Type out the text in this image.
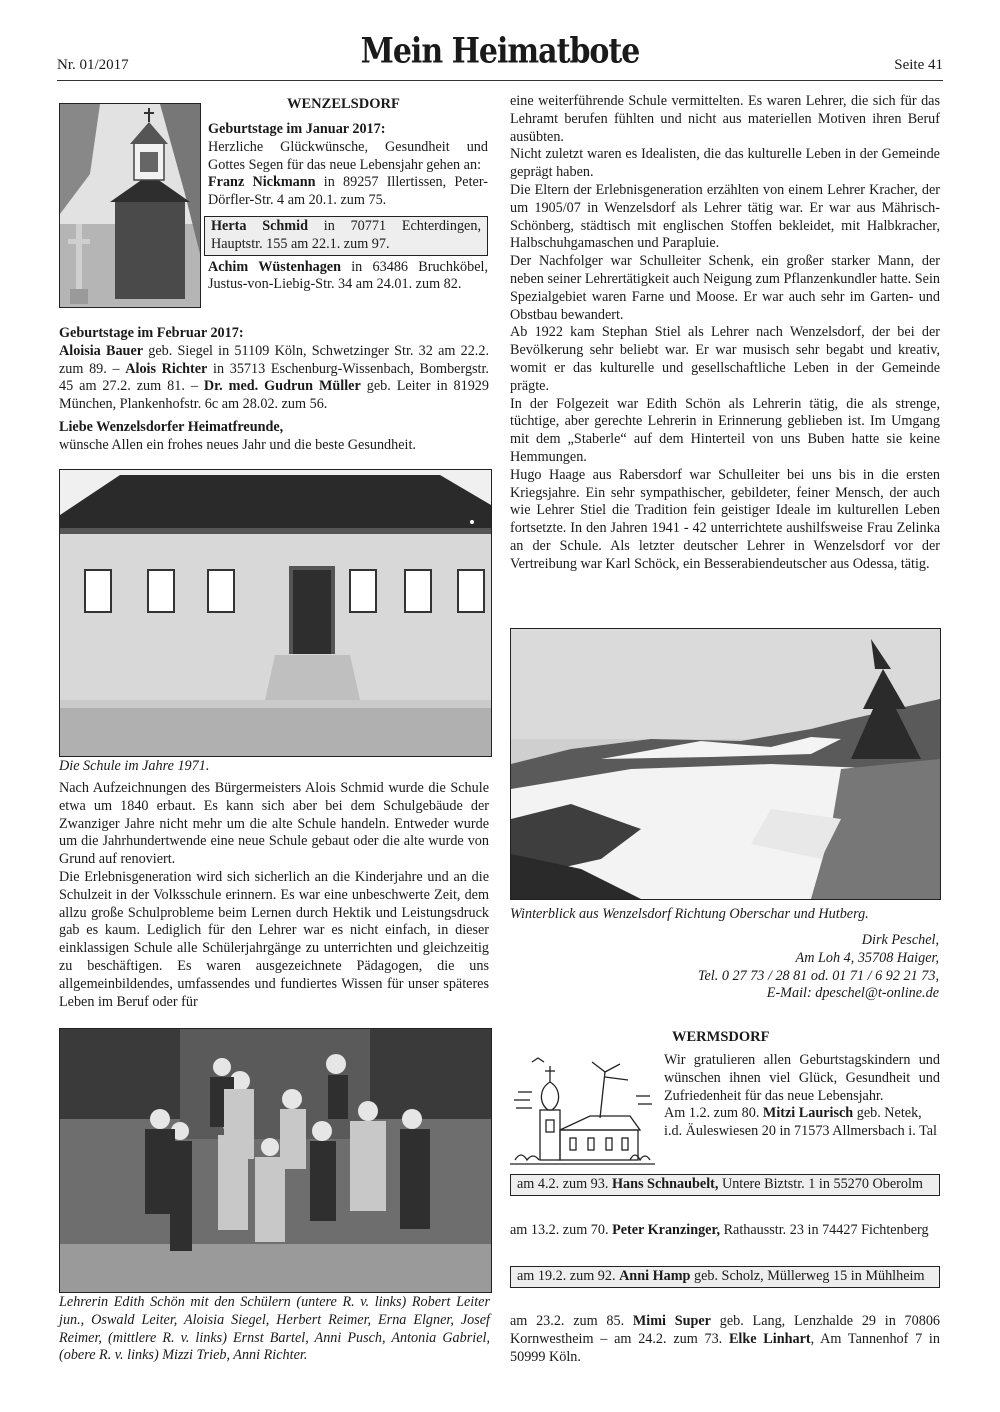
Nr. 01/2017	Mein Heimatbote	Seite 41
WENZELSDORF

Geburtstage im Januar 2017:

Herzliche Glückwünsche, Gesundheit und Gottes Segen für das neue Lebensjahr gehen an:

Franz Nickmann in 89257 Illertissen, Peter-Dörfler-Str. 4 am 20.1. zum 75.

Herta Schmid in 70771 Echterdingen, Hauptstr. 155 am 22.1. zum 97.

Achim Wüstenhagen in 63486 Bruchköbel, Justus-von-Liebig-Str. 34 am 24.01. zum 82.

Geburtstage im Februar 2017:

Aloisia Bauer geb. Siegel in 51109 Köln, Schwetzinger Str. 32 am 22.2. zum 89. – Alois Richter in 35713 Eschenburg-Wissenbach, Bombergstr. 45 am 27.2. zum 81. – Dr. med. Gudrun Müller geb. Leiter in 81929 München, Plankenhofstr. 6c am 28.02. zum 56.

Liebe Wenzelsdorfer Heimatfreunde,

wünsche Allen ein frohes neues Jahr und die beste Gesundheit.

Die Schule im Jahre 1971.

Nach Aufzeichnungen des Bürgermeisters Alois Schmid wurde die Schule etwa um 1840 erbaut. Es kann sich aber bei dem Schulgebäude der Zwanziger Jahre nicht mehr um die alte Schule handeln. Entweder wurde um die Jahrhundertwende eine neue Schule gebaut oder die alte wurde von Grund auf renoviert.

Die Erlebnisgeneration wird sich sicherlich an die Kinderjahre und an die Schulzeit in der Volksschule erinnern. Es war eine unbeschwerte Zeit, dem allzu große Schulprobleme beim Lernen durch Hektik und Leistungsdruck gab es kaum. Lediglich für den Lehrer war es nicht einfach, in dieser einklassigen Schule alle Schülerjahrgänge zu unterrichten und gleichzeitig zu beschäftigen. Es waren ausgezeichnete Pädagogen, die uns allgemeinbildendes, umfassendes und fundiertes Wissen für unser späteres Leben im Beruf oder für

Lehrerin Edith Schön mit den Schülern (untere R. v. links) Robert Leiter jun., Oswald Leiter, Aloisia Siegel, Herbert Reimer, Erna Elgner, Josef Reimer, (mittlere R. v. links) Ernst Bartel, Anni Pusch, Antonia Gabriel, (obere R. v. links) Mizzi Trieb, Anni Richter.

eine weiterführende Schule vermittelten. Es waren Lehrer, die sich für das Lehramt berufen fühlten und nicht aus materiellen Motiven ihren Beruf ausübten.

Nicht zuletzt waren es Idealisten, die das kulturelle Leben in der Gemeinde geprägt haben.

Die Eltern der Erlebnisgeneration erzählten von einem Lehrer Kracher, der um 1905/07 in Wenzelsdorf als Lehrer tätig war. Er war aus Mährisch-Schönberg, städtisch mit englischen Stoffen bekleidet, mit Halbkracher, Halbschuhgamaschen und Parapluie.

Der Nachfolger war Schulleiter Schenk, ein großer starker Mann, der neben seiner Lehrertätigkeit auch Neigung zum Pflanzenkundler hatte. Sein Spezialgebiet waren Farne und Moose. Er war auch sehr im Garten- und Obstbau bewandert.

Ab 1922 kam Stephan Stiel als Lehrer nach Wenzelsdorf, der bei der Bevölkerung sehr beliebt war. Er war musisch sehr begabt und kreativ, womit er das kulturelle und gesellschaftliche Leben in der Gemeinde prägte.

In der Folgezeit war Edith Schön als Lehrerin tätig, die als strenge, tüchtige, aber gerechte Lehrerin in Erinnerung geblieben ist. Im Umgang mit dem „Staberle“ auf dem Hinterteil von uns Buben hatte sie keine Hemmungen.

Hugo Haage aus Rabersdorf war Schulleiter bei uns bis in die ersten Kriegsjahre. Ein sehr sympathischer, gebildeter, feiner Mensch, der auch wie Lehrer Stiel die Tradition fein geistiger Ideale im kulturellen Leben fortsetzte. In den Jahren 1941 - 42 unterrichtete aushilfsweise Frau Zelinka an der Schule. Als letzter deutscher Lehrer in Wenzelsdorf vor der Vertreibung war Karl Schöck, ein Besserabiendeutscher aus Odessa, tätig.

Winterblick aus Wenzelsdorf Richtung Oberschar und Hutberg.
Dirk Peschel,
Am Loh 4, 35708 Haiger,
Tel. 0 27 73 / 28 81 od. 01 71 / 6 92 21 73,
E-Mail: dpeschel@t-online.de
WERMSDORF

Wir gratulieren allen Geburtstagskindern und wünschen ihnen viel Glück, Gesundheit und Zufriedenheit für das neue Lebensjahr.

Am 1.2. zum 80. Mitzi Laurisch geb. Netek, i.d. Äuleswiesen 20 in 71573 Allmersbach i. Tal

am 4.2. zum 93. Hans Schnaubelt, Untere Biztstr. 1 in 55270 Oberolm
am 13.2. zum 70. Peter Kranzinger, Rathausstr. 23 in 74427 Fichtenberg
am 19.2. zum 92. Anni Hamp geb. Scholz, Müllerweg 15 in Mühlheim
am 23.2. zum 85. Mimi Super geb. Lang, Lenzhalde 29 in 70806 Kornwestheim – am 24.2. zum 73. Elke Linhart, Am Tannenhof 7 in 50999 Köln.
